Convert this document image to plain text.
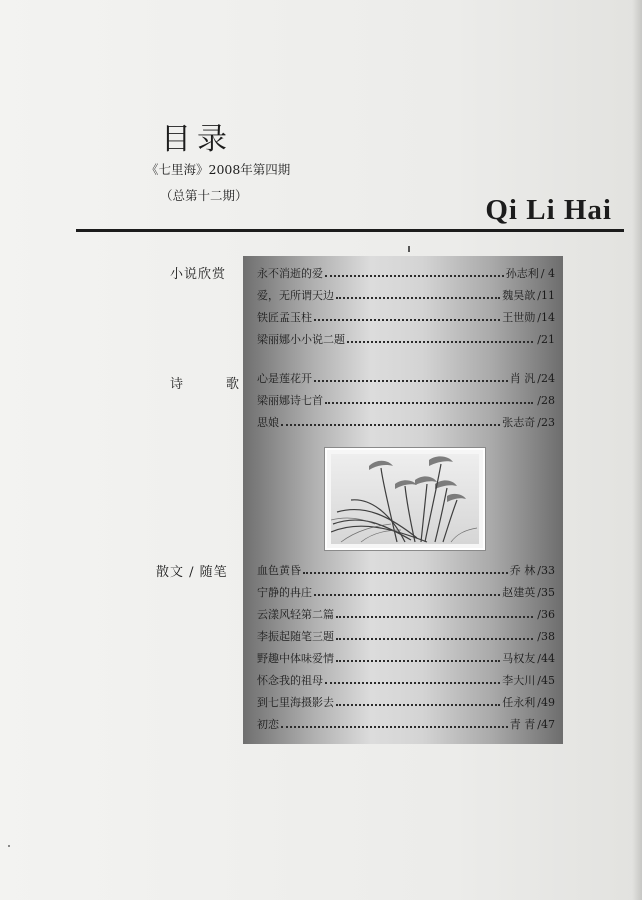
目录
《七里海》2008年第四期
（总第十二期）	Qi Li Hai
小说欣赏
诗	歌
散文 / 随笔
永不消逝的爱	孙志利 / 4
爱，无所谓天边	魏昊歆 /11
铁匠孟玉柱	王世勋 /14
梁丽娜小小说二题	/21
心是莲花开	肖 汎 /24
梁丽娜诗七首	/28
思娘	张志奇 /23
血色黄昏	乔 林 /33
宁静的冉庄	赵建英 /35
云漾风轻第二篇	/36
李振起随笔三题	/38
野趣中体味爱情	马权友 /44
怀念我的祖母	李大川 /45
到七里海摄影去	任永利 /49
初恋	青 青 /47
